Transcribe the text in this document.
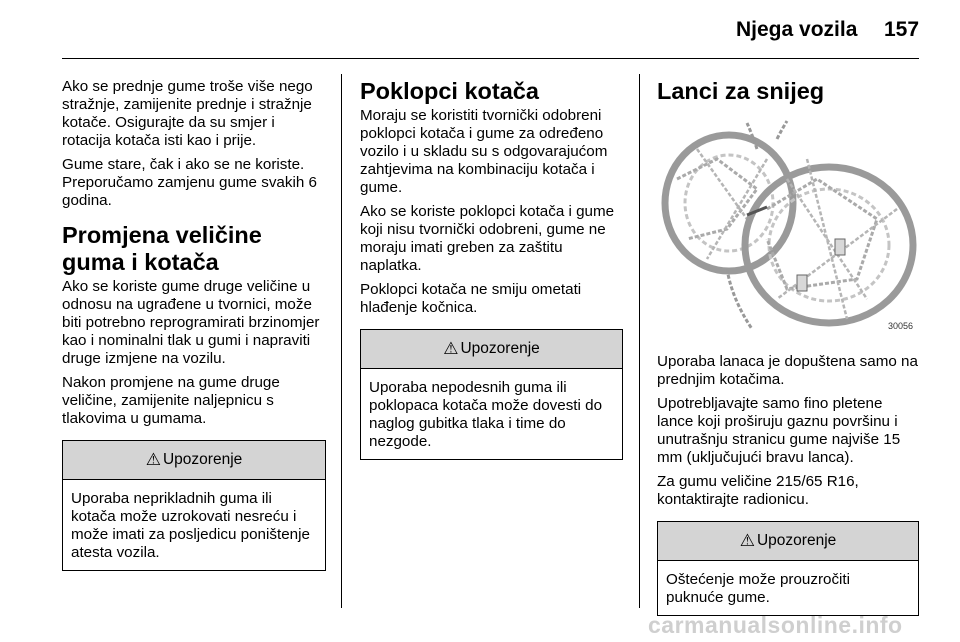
Njega vozila 157

Ako se prednje gume troše više nego stražnje, zamijenite prednje i stražnje kotače. Osigurajte da su smjer i rotacija kotača isti kao i prije.

Gume stare, čak i ako se ne koriste. Preporučamo zamjenu gume svakih 6 godina.

Promjena veličine guma i kotača

Ako se koriste gume druge veličine u odnosu na ugrađene u tvornici, može biti potrebno reprogramirati brzinomjer kao i nominalni tlak u gumi i napraviti druge izmjene na vozilu.

Nakon promjene na gume druge veličine, zamijenite naljepnicu s tlakovima u gumama.

⚠ Upozorenje
Uporaba neprikladnih guma ili kotača može uzrokovati nesreću i može imati za posljedicu poništenje atesta vozila.
Poklopci kotača

Moraju se koristiti tvornički odobreni poklopci kotača i gume za određeno vozilo i u skladu su s odgovarajućom zahtjevima na kombinaciju kotača i gume.

Ako se koriste poklopci kotača i gume koji nisu tvornički odobreni, gume ne moraju imati greben za zaštitu naplatka.

Poklopci kotača ne smiju ometati hlađenje kočnica.

⚠ Upozorenje
Uporaba nepodesnih guma ili poklopaca kotača može dovesti do naglog gubitka tlaka i time do nezgode.
Lanci za snijeg
30056

Uporaba lanaca je dopuštena samo na prednjim kotačima.

Upotrebljavajte samo fino pletene lance koji proširuju gaznu površinu i unutrašnju stranicu gume najviše 15 mm (uključujući bravu lanca).

Za gumu veličine 215/65 R16, kontaktirajte radionicu.

⚠ Upozorenje
Oštećenje može prouzročiti puknuće gume.
carmanualsonline.info
